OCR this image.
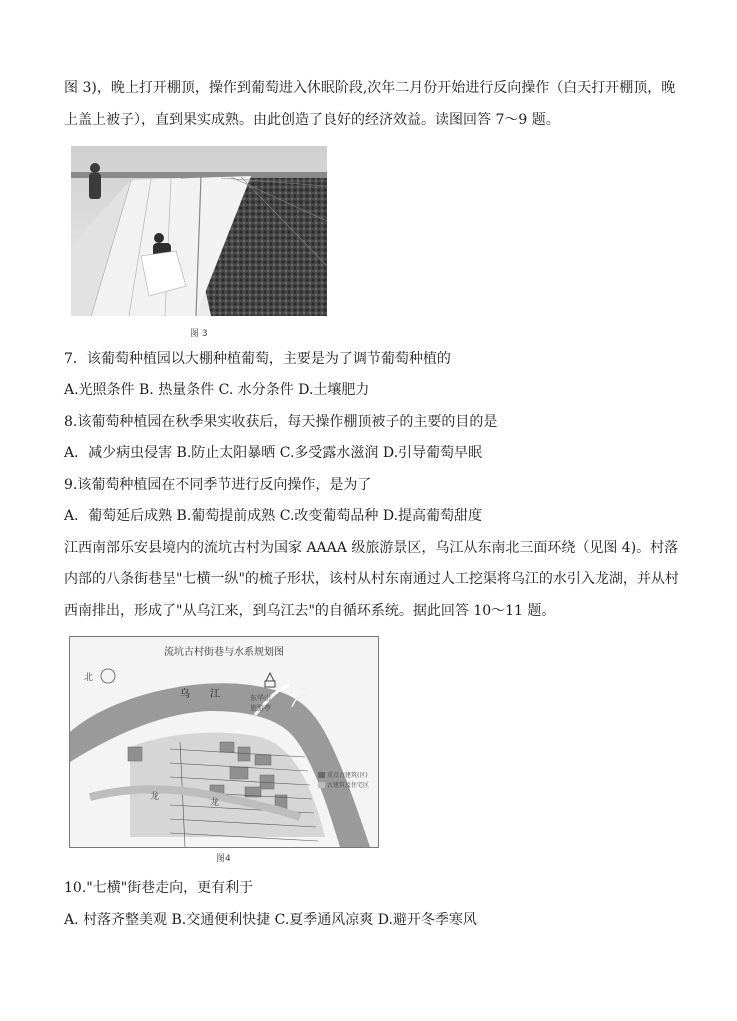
图 3)，晚上打开棚顶，操作到葡萄进入休眠阶段,次年二月份开始进行反向操作（白天打开棚顶，晚
上盖上被子），直到果实成熟。由此创造了良好的经济效益。读图回答 7～9 题。
图 3
7．该葡萄种植园以大棚种植葡萄，主要是为了调节葡萄种植的
A.光照条件 B. 热量条件 C. 水分条件 D.土壤肥力
8.该葡萄种植园在秋季果实收获后，每天操作棚顶被子的主要的目的是
A．减少病虫侵害 B.防止太阳暴晒 C.多受露水滋润 D.引导葡萄早眠
9.该葡萄种植园在不同季节进行反向操作，是为了
A．葡萄延后成熟 B.葡萄提前成熟 C.改变葡萄品种 D.提高葡萄甜度
江西南部乐安县境内的流坑古村为国家 AAAA 级旅游景区，乌江从东南北三面环绕（见图 4)。村落
内部的八条街巷呈"七横一纵"的梳子形状，该村从村东南通过人工挖渠将乌江的水引入龙湖，并从村
西南排出，形成了"从乌江来，到乌江去"的自循环系统。据此回答 10～11 题。
流坑古村街巷与水系规划图
北
乌　　江	东华山
旅游亭
龙
龙
重点古建筑(区)
古建筑及住宅区
图4
10."七横"街巷走向，更有利于
A. 村落齐整美观 B.交通便利快捷 C.夏季通风凉爽 D.避开冬季寒风
